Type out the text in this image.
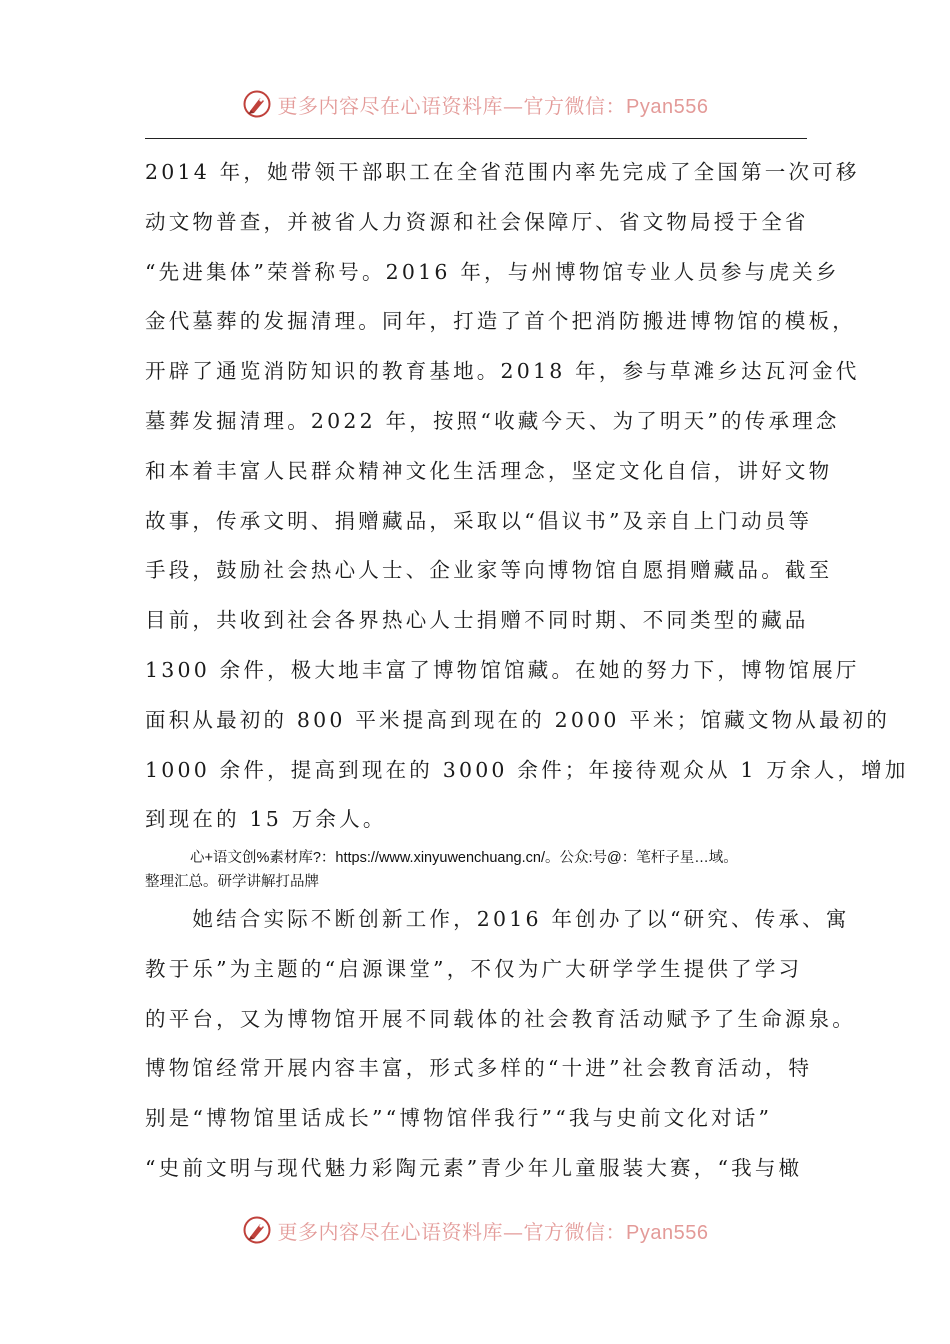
更多内容尽在心语资料库—官方微信：Pyan556
2014 年，她带领干部职工在全省范围内率先完成了全国第一次可移
动文物普查，并被省人力资源和社会保障厅、省文物局授于全省
“先进集体”荣誉称号。2016 年，与州博物馆专业人员参与虎关乡
金代墓葬的发掘清理。同年，打造了首个把消防搬进博物馆的模板，
开辟了通览消防知识的教育基地。2018 年，参与草滩乡达瓦河金代
墓葬发掘清理。2022 年，按照“收藏今天、为了明天”的传承理念
和本着丰富人民群众精神文化生活理念，坚定文化自信，讲好文物
故事，传承文明、捐赠藏品，采取以“倡议书”及亲自上门动员等
手段，鼓励社会热心人士、企业家等向博物馆自愿捐赠藏品。截至
目前，共收到社会各界热心人士捐赠不同时期、不同类型的藏品
1300 余件，极大地丰富了博物馆馆藏。在她的努力下，博物馆展厅
面积从最初的 800 平米提高到现在的 2000 平米；馆藏文物从最初的
1000 余件，提高到现在的 3000 余件；年接待观众从 1 万余人，增加
到现在的 15 万余人。
心+语文创%素材库?：https://www.xinyuwenchuang.cn/。公众:号@：笔杆子星…域。
整理汇总。研学讲解打品牌
　　她结合实际不断创新工作，2016 年创办了以“研究、传承、寓
教于乐”为主题的“启源课堂”，不仅为广大研学学生提供了学习
的平台，又为博物馆开展不同载体的社会教育活动赋予了生命源泉。
博物馆经常开展内容丰富，形式多样的“十进”社会教育活动，特
别是“博物馆里话成长”“博物馆伴我行”“我与史前文化对话”
“史前文明与现代魅力彩陶元素”青少年儿童服装大赛，“我与橄
更多内容尽在心语资料库—官方微信：Pyan556
